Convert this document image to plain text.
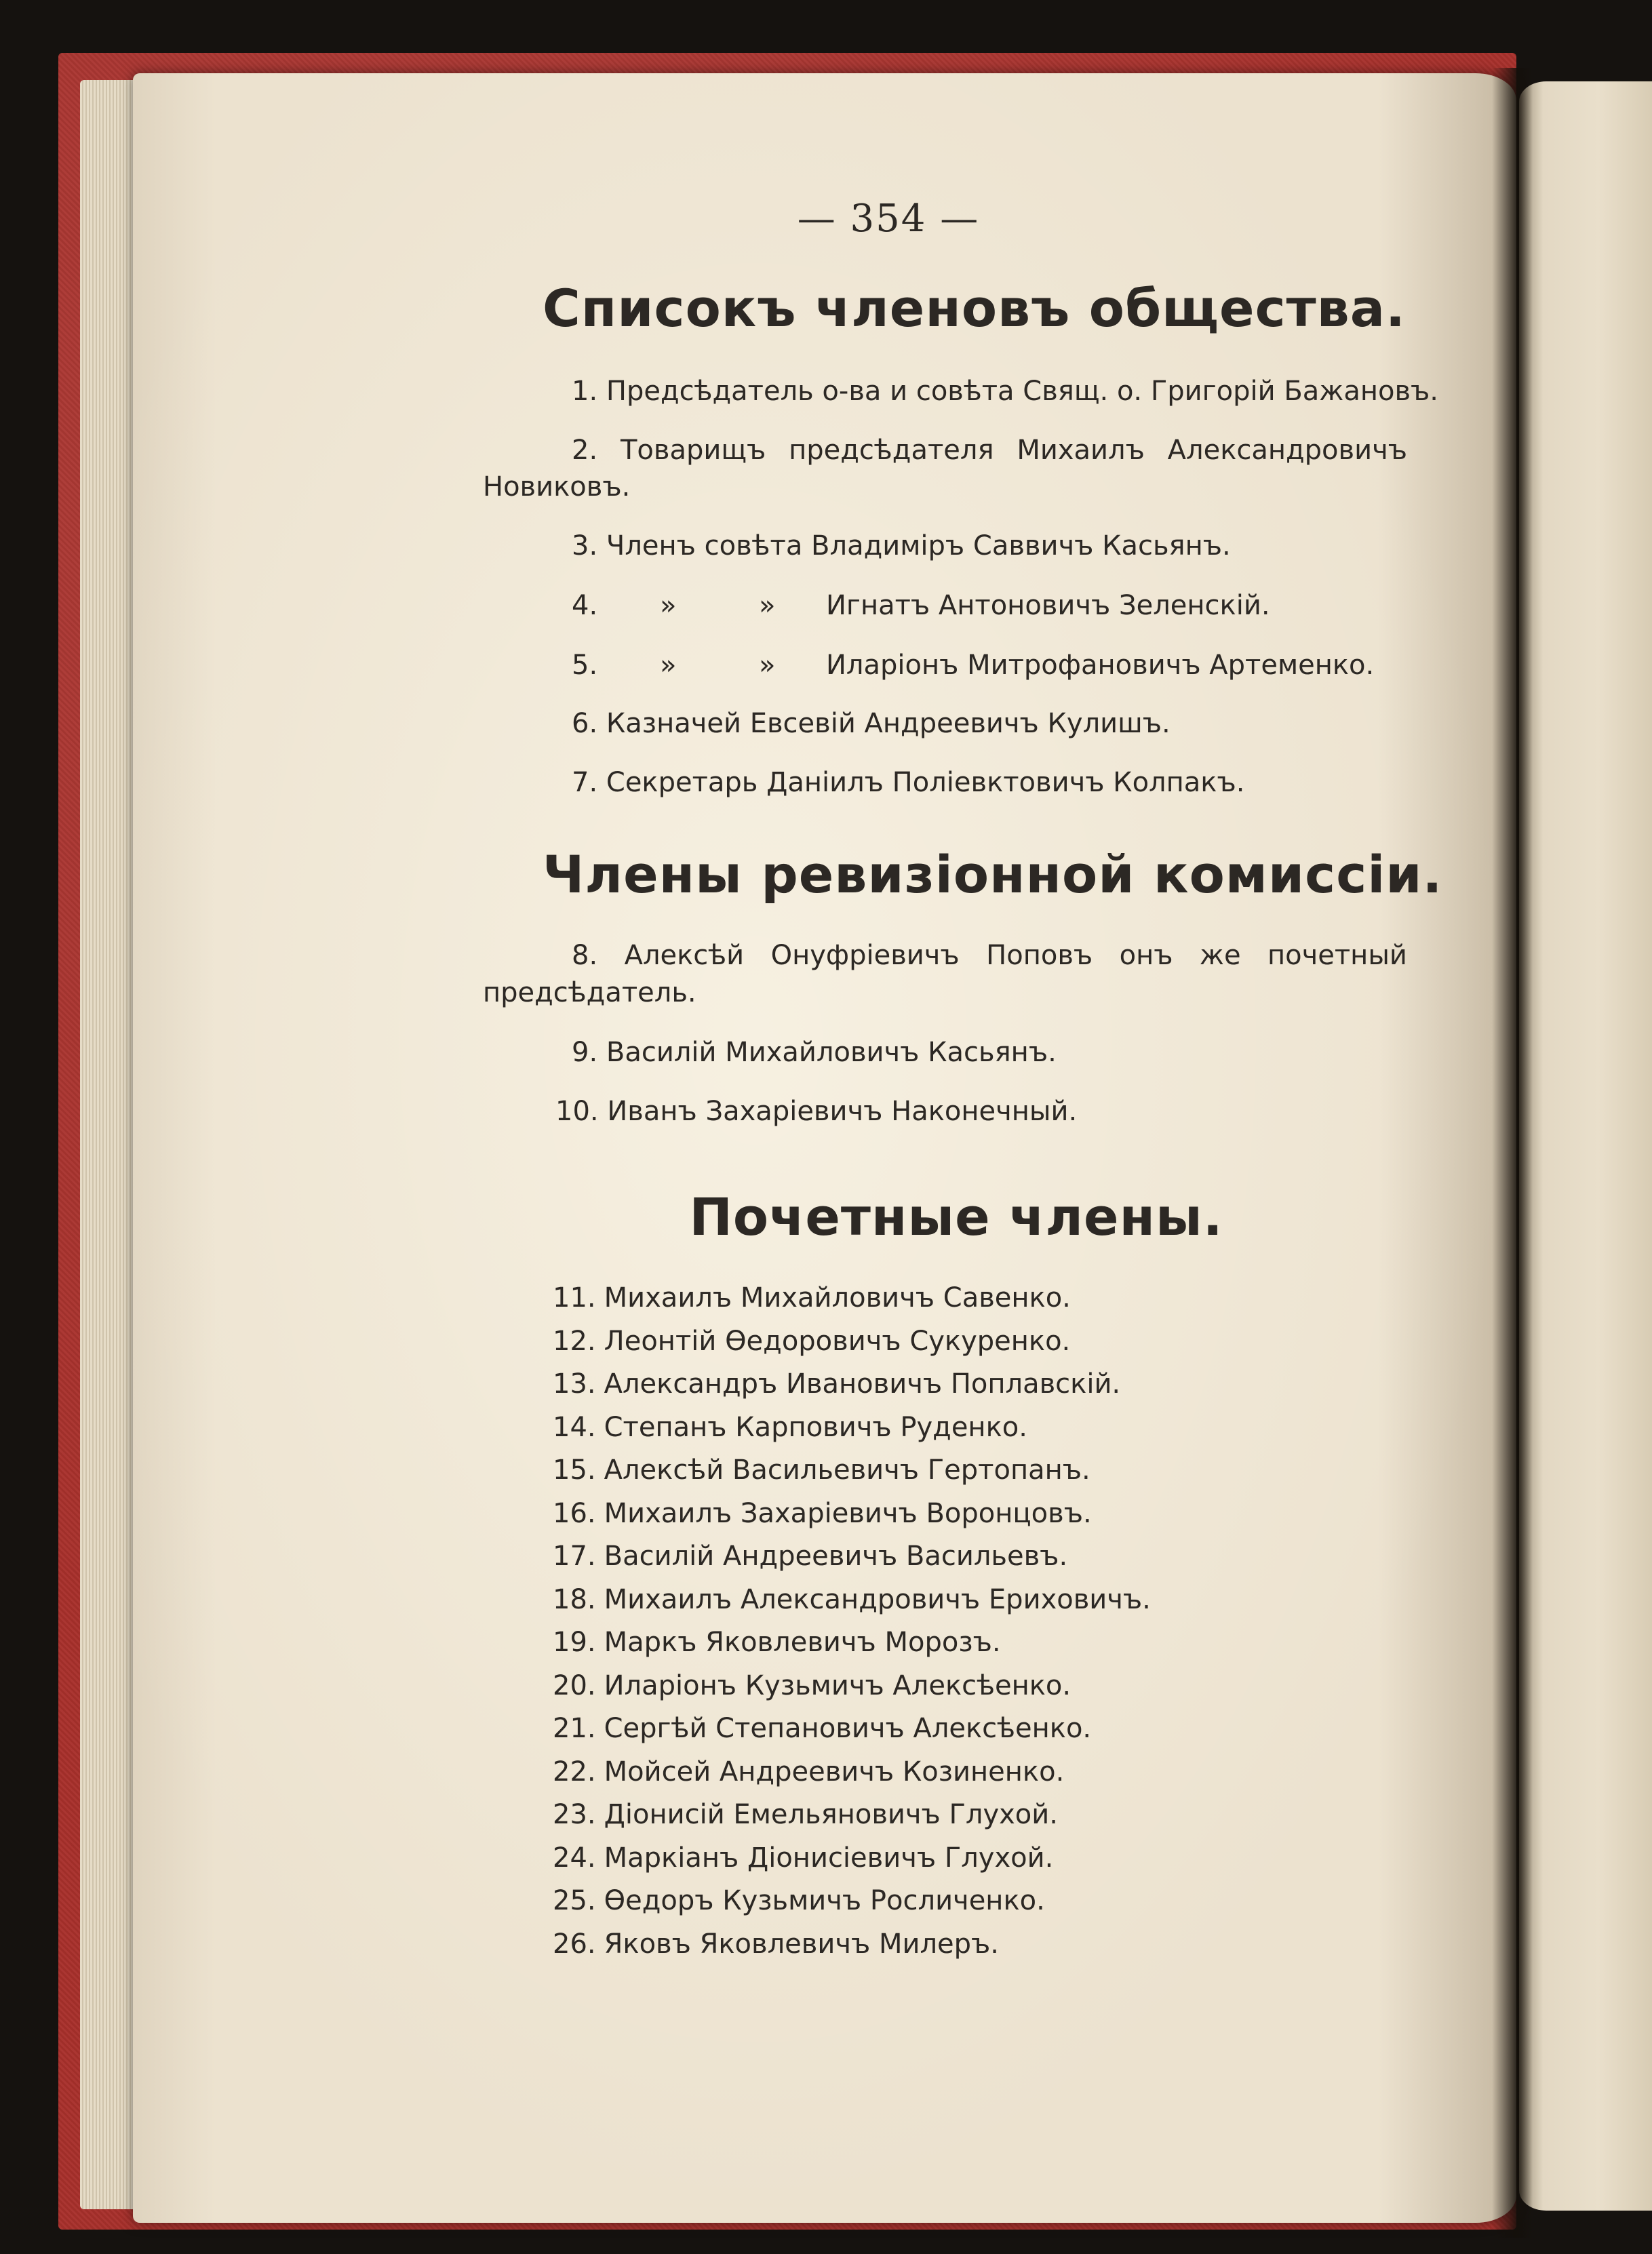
— 354 —
Списокъ членовъ общества.
1. Предсѣдатель о-ва и совѣта Свящ. о. Григорій Бажановъ.
2. Товарищъ предсѣдателя Михаилъ Александровичъ
Новиковъ.
3. Членъ совѣта Владиміръ Саввичъ Касьянъ.
4. »	» Игнатъ Антоновичъ Зеленскій.
5. »	» Иларіонъ Митрофановичъ Артеменко.
6. Казначей Евсевій Андреевичъ Кулишъ.
7. Секретарь Даніилъ Поліевктовичъ Колпакъ.
Члены ревизіонной комиссіи.
8. Алексѣй Онуфріевичъ Поповъ онъ же почетный
предсѣдатель.
9. Василій Михайловичъ Касьянъ.
10. Иванъ Захаріевичъ Наконечный.
Почетные члены.
11. Михаилъ Михайловичъ Савенко.
12. Леонтій Ѳедоровичъ Сукуренко.
13. Александръ Ивановичъ Поплавскій.
14. Степанъ Карповичъ Руденко.
15. Алексѣй Васильевичъ Гертопанъ.
16. Михаилъ Захаріевичъ Воронцовъ.
17. Василій Андреевичъ Васильевъ.
18. Михаилъ Александровичъ Ериховичъ.
19. Маркъ Яковлевичъ Морозъ.
20. Иларіонъ Кузьмичъ Алексѣенко.
21. Сергѣй Степановичъ Алексѣенко.
22. Мойсей Андреевичъ Козиненко.
23. Діонисій Емельяновичъ Глухой.
24. Маркіанъ Діонисіевичъ Глухой.
25. Ѳедоръ Кузьмичъ Росличенко.
26. Яковъ Яковлевичъ Милеръ.
